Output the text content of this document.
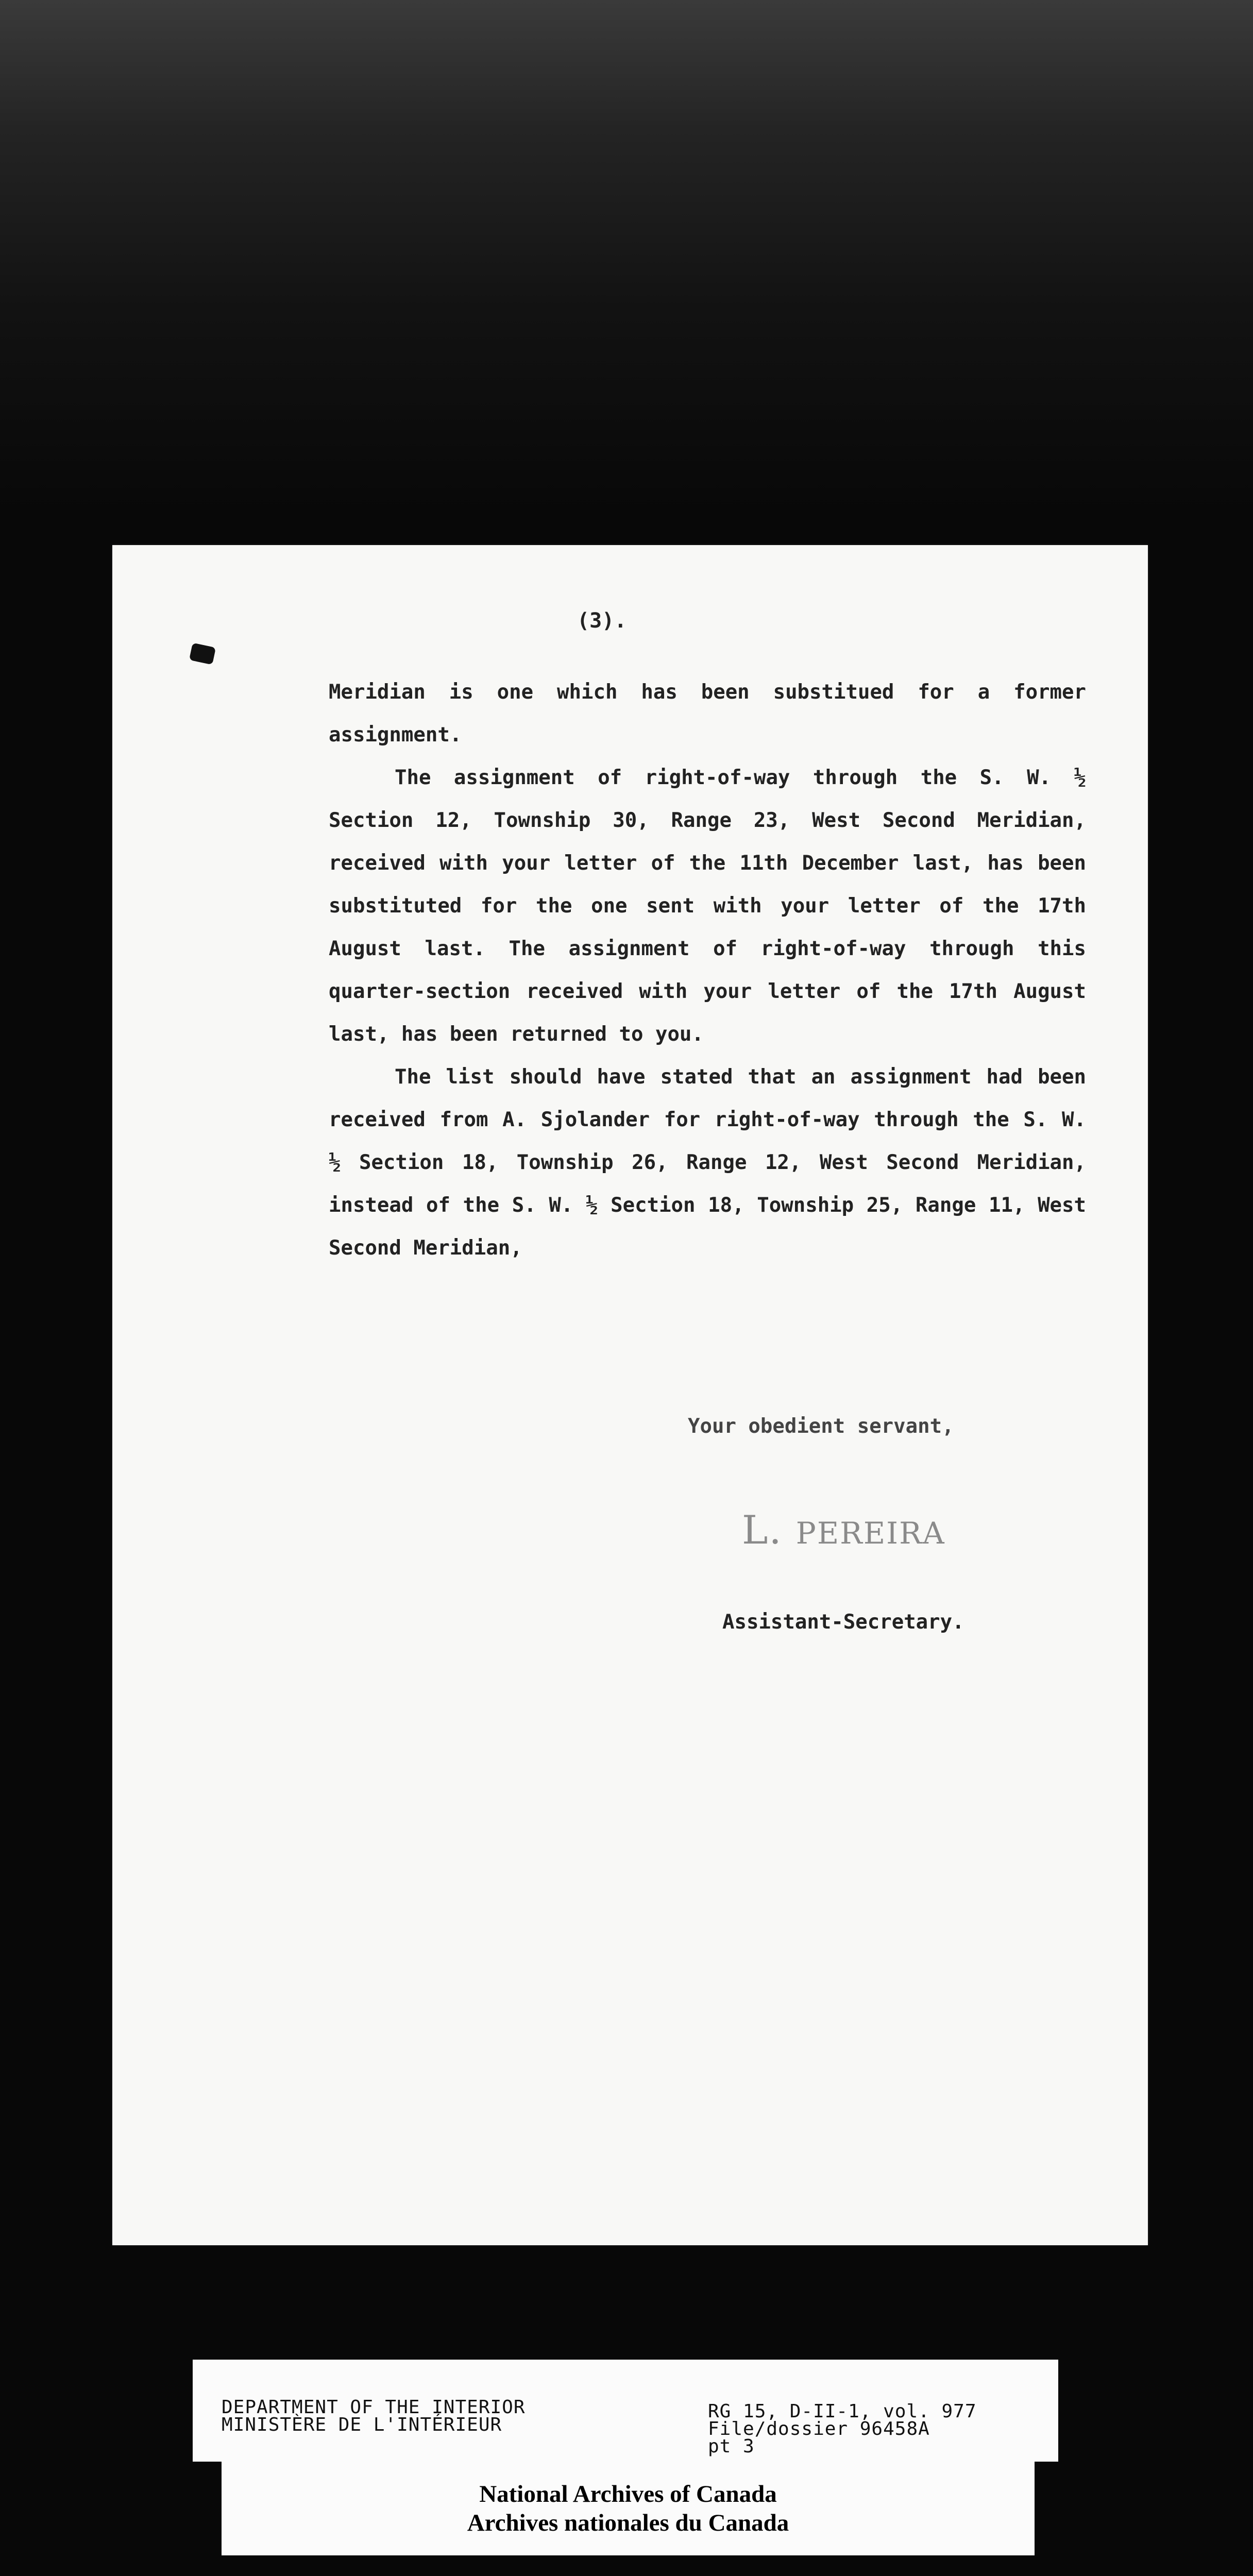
(3).

Meridian is one which has been substitued for a former assignment.

The assignment of right-of-way through the S. W. ½ Section 12, Township 30, Range 23, West Second Meridian, received with your letter of the 11th December last, has been substituted for the one sent with your letter of the 17th August last. The assignment of right-of-way through this quarter-section received with your letter of the 17th August last, has been returned to you.

The list should have stated that an assignment had been received from A. Sjolander for right-of-way through the S. W. ½ Section 18, Township 26, Range 12, West Second Meridian, instead of the S. W. ½ Section 18, Township 25, Range 11, West Second Meridian,

Your obedient servant,
L. PEREIRA
Assistant-Secretary.
DEPARTMENT OF THE INTERIOR
MINISTÈRE DE L'INTÉRIEUR
RG 15, D-II-1, vol. 977
File/dossier 96458A
pt 3
National Archives of Canada
Archives nationales du Canada
